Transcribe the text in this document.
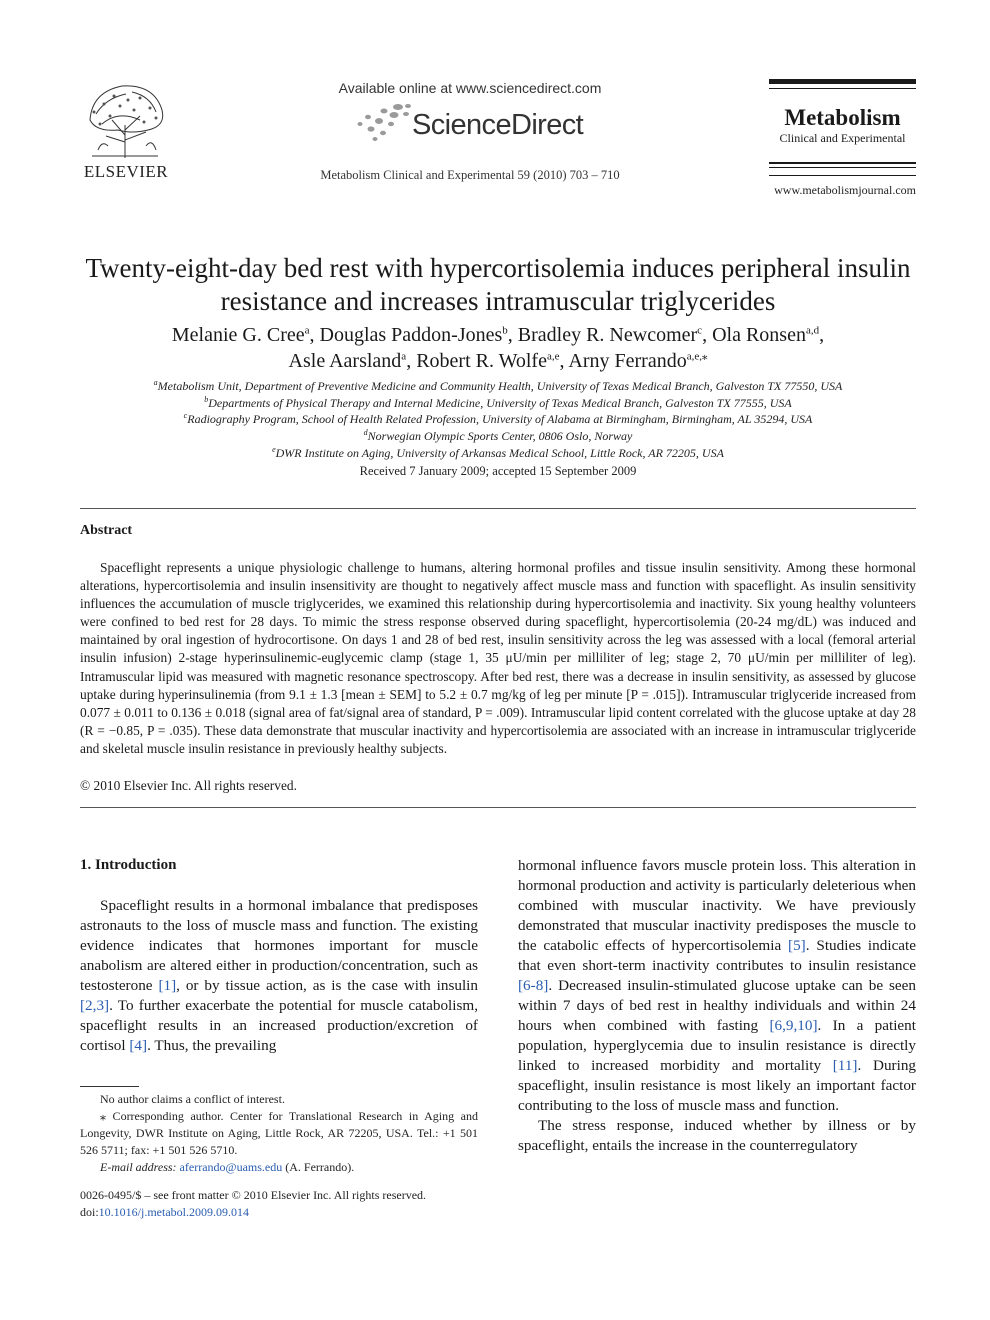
ELSEVIER
Available online at www.sciencedirect.com
ScienceDirect
Metabolism Clinical and Experimental 59 (2010) 703 – 710
Metabolism
Clinical and Experimental
www.metabolismjournal.com
Twenty-eight-day bed rest with hypercortisolemia induces peripheral insulin resistance and increases intramuscular triglycerides
Melanie G. Cree$^a$, Douglas Paddon-Jones$^b$, Bradley R. Newcomer$^c$, Ola Ronsen$^{a,d}$,
Asle Aarsland$^a$, Robert R. Wolfe$^{a,e}$, Arny Ferrando$^{a,e,⁎}$
$^a$Metabolism Unit, Department of Preventive Medicine and Community Health, University of Texas Medical Branch, Galveston TX 77550, USA
$^b$Departments of Physical Therapy and Internal Medicine, University of Texas Medical Branch, Galveston TX 77555, USA
$^c$Radiography Program, School of Health Related Profession, University of Alabama at Birmingham, Birmingham, AL 35294, USA
$^d$Norwegian Olympic Sports Center, 0806 Oslo, Norway
$^e$DWR Institute on Aging, University of Arkansas Medical School, Little Rock, AR 72205, USA
Received 7 January 2009; accepted 15 September 2009
Abstract
Spaceflight represents a unique physiologic challenge to humans, altering hormonal profiles and tissue insulin sensitivity. Among these hormonal alterations, hypercortisolemia and insulin insensitivity are thought to negatively affect muscle mass and function with spaceflight. As insulin sensitivity influences the accumulation of muscle triglycerides, we examined this relationship during hypercortisolemia and inactivity. Six young healthy volunteers were confined to bed rest for 28 days. To mimic the stress response observed during spaceflight, hypercortisolemia (20-24 mg/dL) was induced and maintained by oral ingestion of hydrocortisone. On days 1 and 28 of bed rest, insulin sensitivity across the leg was assessed with a local (femoral arterial insulin infusion) 2-stage hyperinsulinemic-euglycemic clamp (stage 1, 35 μU/min per milliliter of leg; stage 2, 70 μU/min per milliliter of leg). Intramuscular lipid was measured with magnetic resonance spectroscopy. After bed rest, there was a decrease in insulin sensitivity, as assessed by glucose uptake during hyperinsulinemia (from 9.1 ± 1.3 [mean ± SEM] to 5.2 ± 0.7 mg/kg of leg per minute [P = .015]). Intramuscular triglyceride increased from 0.077 ± 0.011 to 0.136 ± 0.018 (signal area of fat/signal area of standard, P = .009). Intramuscular lipid content correlated with the glucose uptake at day 28 (R = −0.85, P = .035). These data demonstrate that muscular inactivity and hypercortisolemia are associated with an increase in intramuscular triglyceride and skeletal muscle insulin resistance in previously healthy subjects.
© 2010 Elsevier Inc. All rights reserved.
1. Introduction

Spaceflight results in a hormonal imbalance that predisposes astronauts to the loss of muscle mass and function. The existing evidence indicates that hormones important for muscle anabolism are altered either in production/concentration, such as testosterone [1], or by tissue action, as is the case with insulin [2,3]. To further exacerbate the potential for muscle catabolism, spaceflight results in an increased production/excretion of cortisol [4]. Thus, the prevailing

hormonal influence favors muscle protein loss. This alteration in hormonal production and activity is particularly deleterious when combined with muscular inactivity. We have previously demonstrated that muscular inactivity predisposes the muscle to the catabolic effects of hypercortisolemia [5]. Studies indicate that even short-term inactivity contributes to insulin resistance [6-8]. Decreased insulin-stimulated glucose uptake can be seen within 7 days of bed rest in healthy individuals and within 24 hours when combined with fasting [6,9,10]. In a patient population, hyperglycemia due to insulin resistance is directly linked to increased morbidity and mortality [11]. During spaceflight, insulin resistance is most likely an important factor contributing to the loss of muscle mass and function.

The stress response, induced whether by illness or by spaceflight, entails the increase in the counterregulatory

No author claims a conflict of interest.

⁎ Corresponding author. Center for Translational Research in Aging and Longevity, DWR Institute on Aging, Little Rock, AR 72205, USA. Tel.: +1 501 526 5711; fax: +1 501 526 5710.

E-mail address: aferrando@uams.edu (A. Ferrando).

0026-0495/$ – see front matter © 2010 Elsevier Inc. All rights reserved.
doi:10.1016/j.metabol.2009.09.014
